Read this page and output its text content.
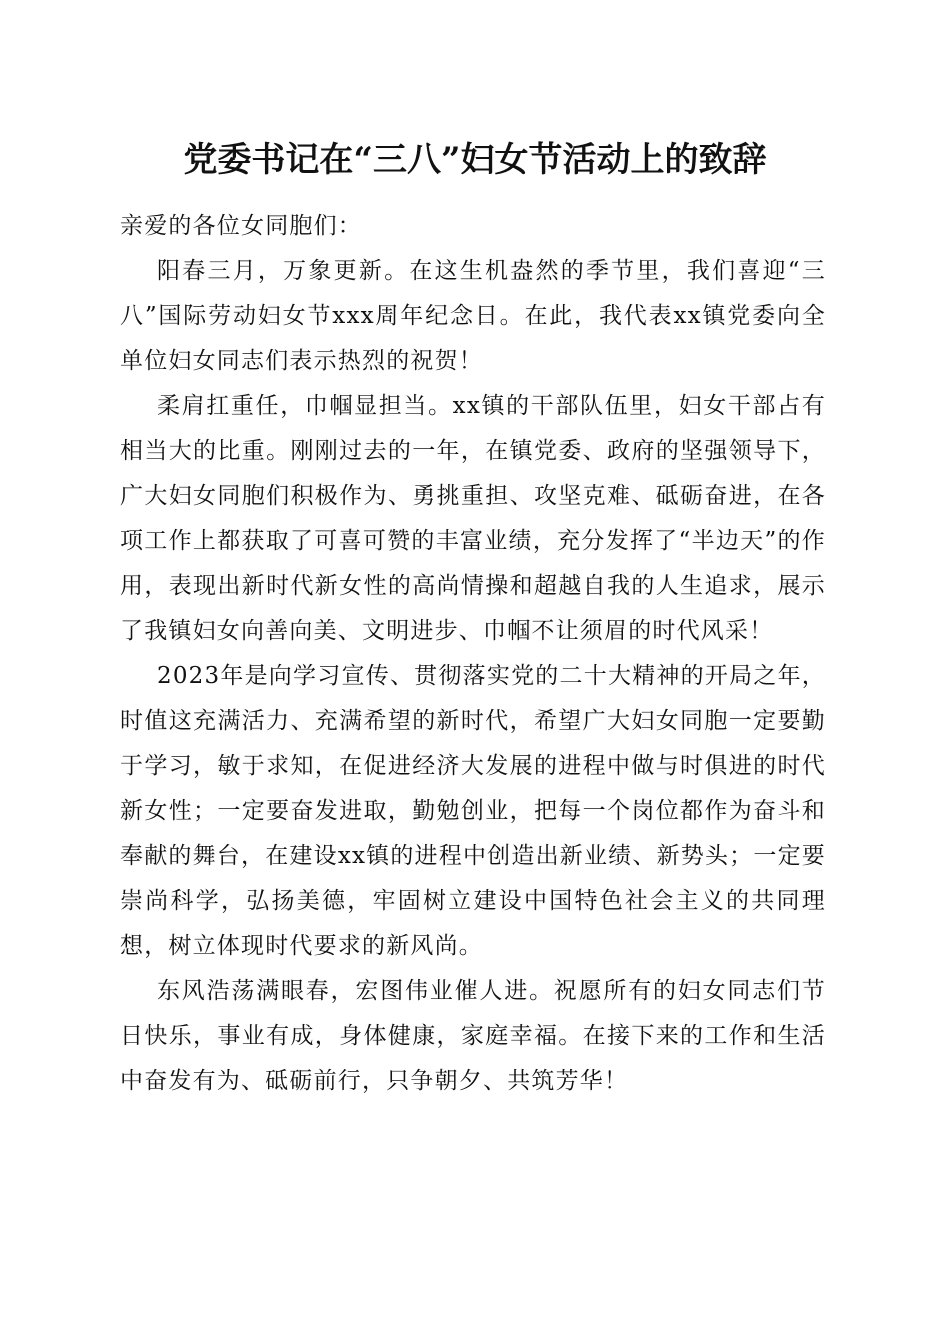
党委书记在“三八”妇女节活动上的致辞

亲爱的各位女同胞们：

阳春三月，万象更新。在这生机盎然的季节里，我们喜迎“三八”国际劳动妇女节xxx周年纪念日。在此，我代表xx镇党委向全单位妇女同志们表示热烈的祝贺！

柔肩扛重任，巾帼显担当。xx镇的干部队伍里，妇女干部占有相当大的比重。刚刚过去的一年，在镇党委、政府的坚强领导下，广大妇女同胞们积极作为、勇挑重担、攻坚克难、砥砺奋进，在各项工作上都获取了可喜可赞的丰富业绩，充分发挥了“半边天”的作用，表现出新时代新女性的高尚情操和超越自我的人生追求，展示了我镇妇女向善向美、文明进步、巾帼不让须眉的时代风采！

2023年是向学习宣传、贯彻落实党的二十大精神的开局之年，时值这充满活力、充满希望的新时代，希望广大妇女同胞一定要勤于学习，敏于求知，在促进经济大发展的进程中做与时俱进的时代新女性；一定要奋发进取，勤勉创业，把每一个岗位都作为奋斗和奉献的舞台，在建设xx镇的进程中创造出新业绩、新势头；一定要崇尚科学，弘扬美德，牢固树立建设中国特色社会主义的共同理想，树立体现时代要求的新风尚。

东风浩荡满眼春，宏图伟业催人进。祝愿所有的妇女同志们节日快乐，事业有成，身体健康，家庭幸福。在接下来的工作和生活中奋发有为、砥砺前行，只争朝夕、共筑芳华！
